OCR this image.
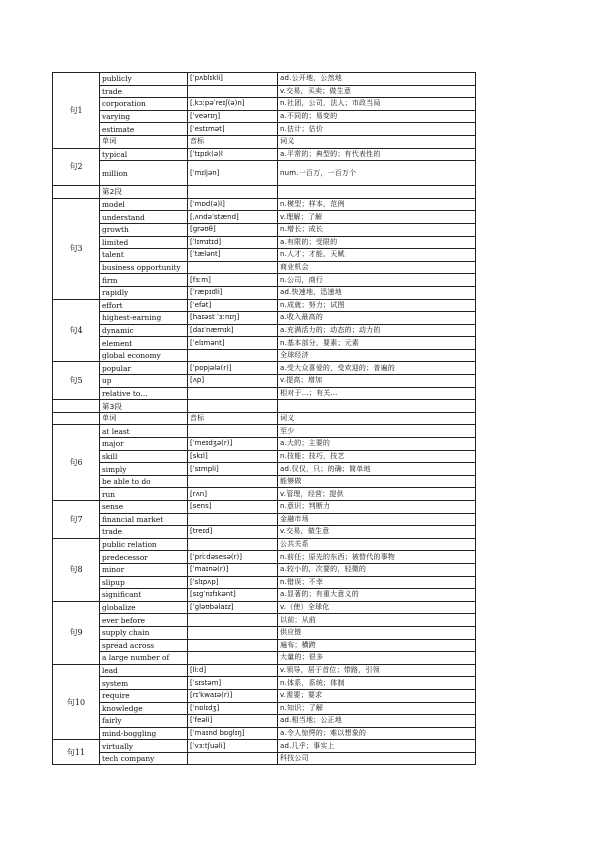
句1	publicly	[ˈpʌblɪkli]	ad.公开地，公然地
	trade		v.交易，买卖；做生意
	corporation	[ˌkɔːpəˈreɪʃ(ə)n]	n.社团，公司，法人；市政当局
	varying	[ˈveərɪŋ]	a.不同的；易变的
	estimate	[ˈestɪmət]	n.估计；估价
	单词	音标	词义
句2	typical	[ˈtɪpɪk(ə)l	a.平常的；典型的；有代表性的
	million	[ˈmɪljən]	num.一百万，一百万个
	第2段		
句3	model	[ˈmɒd(ə)l]	n.模型；样本，范例
	understand	[ˌʌndəˈstænd]	v.理解；了解
	growth	[ɡrəʊθ]	n.增长；成长
	limited	[ˈlɪmɪtɪd]	a.有限的；受限的
	talent	[ˈtælənt]	n.人才；才能，天赋
	business opportunity		商业机会
	firm	[fɜːm]	n.公司，商行
	rapidly	[ˈræpɪdli]	ad.快速地，迅速地
句4	effort	[ˈefət]	n.成就；努力；试图
	highest-earning	[haɪəst ˈɜːnɪŋ]	a.收入最高的
	dynamic	[daɪˈnæmɪk]	a.充满活力的；动态的；动力的
	element	[ˈelɪmənt]	n.基本部分，要素；元素
	global economy		全球经济
句5	popular	[ˈpɒpjələ(r)]	a.受大众喜爱的，受欢迎的；普遍的
	up	[ʌp]	v.提高；增加
	relative to…		相对于…；有关…
	第3段		
	单词	音标	词义
句6	at least		至少
	major	[ˈmeɪdʒə(r)]	a.大的；主要的
	skill	[skɪl]	n.技能；技巧，技艺
	simply	[ˈsɪmpli]	ad.仅仅，只；的确；简单地
	be able to do		能够做
	run	[rʌn]	v.管理，经营；提供
句7	sense	[sens]	n.意识；判断力
	financial market		金融市场
	trade	[treɪd]	v.交易，做生意
句8	public relation		公共关系
	predecessor	[ˈpriːdəsesə(r)]	n.前任；原先的东西；被替代的事物
	minor	[ˈmaɪnə(r)]	a.较小的，次要的，轻微的
	slipup	[ˈslɪpʌp]	n.错误；不幸
	significant	[sɪɡˈnɪfɪkənt]	a.显著的；有重大意义的
句9	globalize	[ˈɡləʊbəlaɪz]	v.（使）全球化
	ever before		以前；从前
	supply chain		供应链
	spread across		遍布；横跨
	a large number of		大量的；很多
句10	lead	[liːd]	v.领导，居于首位；带路，引领
	system	[ˈsɪstəm]	n.体系，系统；体制
	require	[rɪˈkwaɪə(r)]	v.需要；要求
	knowledge	[ˈnɒlɪdʒ]	n.知识；了解
	fairly	[ˈfeəli]	ad.相当地；公正地
	mind-boggling	[ˈmaɪnd bɒɡlɪŋ]	a.令人惊愕的；难以想象的
句11	virtually	[ˈvɜːtʃuəli]	ad.几乎；事实上
	tech company		科技公司
